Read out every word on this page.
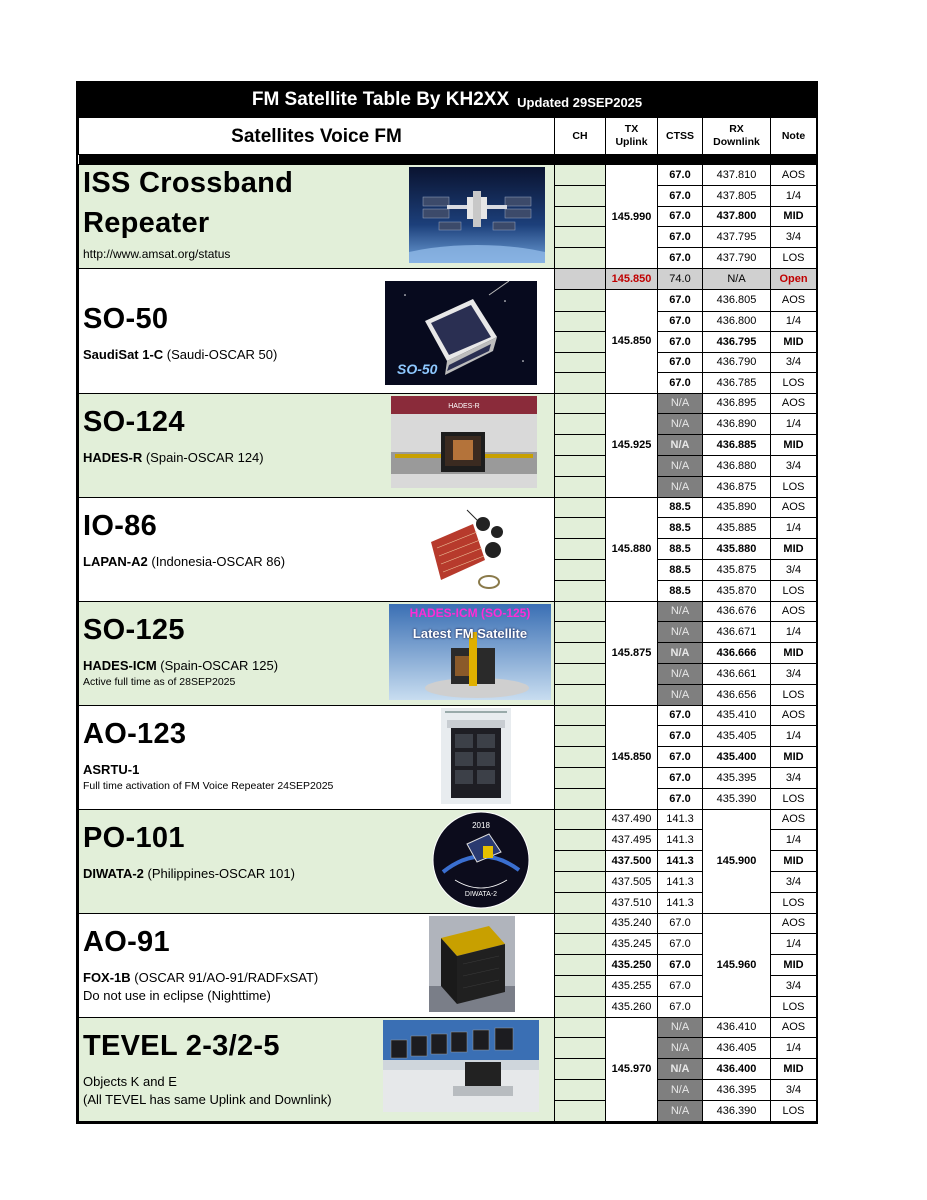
FM Satellite Table By KH2XX Updated 29SEP2025
Satellites Voice FM	CH	TX Uplink	CTSS	RX Downlink	Note

ISS Crossband
Repeater
http://www.amsat.org/status		145.990	67.0	437.810	AOS
			67.0	437.805	1/4
			67.0	437.800	MID
			67.0	437.795	3/4
			67.0	437.790	LOS

SO-50
SaudiSat 1-C (Saudi-OSCAR 50)
SO-50		145.850	74.0	N/A	Open
		145.850	67.0	436.805	AOS
			67.0	436.800	1/4
			67.0	436.795	MID
			67.0	436.790	3/4
			67.0	436.785	LOS

SO-124
HADES-R (Spain-OSCAR 124)
HADES-R		145.925	N/A	436.895	AOS
			N/A	436.890	1/4
			N/A	436.885	MID
			N/A	436.880	3/4
			N/A	436.875	LOS

IO-86
LAPAN-A2 (Indonesia-OSCAR 86)		145.880	88.5	435.890	AOS
			88.5	435.885	1/4
			88.5	435.880	MID
			88.5	435.875	3/4
			88.5	435.870	LOS

SO-125
HADES-ICM (Spain-OSCAR 125)
Active full time as of 28SEP2025
HADES-ICM (SO-125)
Latest FM Satellite		145.875	N/A	436.676	AOS
			N/A	436.671	1/4
			N/A	436.666	MID
			N/A	436.661	3/4
			N/A	436.656	LOS

AO-123
ASRTU-1
Full time activation of FM Voice Repeater 24SEP2025		145.850	67.0	435.410	AOS
			67.0	435.405	1/4
			67.0	435.400	MID
			67.0	435.395	3/4
			67.0	435.390	LOS

PO-101
DIWATA-2 (Philippines-OSCAR 101)
2018
DIWATA-2		437.490	141.3	145.900	AOS
		437.495	141.3		1/4
		437.500	141.3		MID
		437.505	141.3		3/4
		437.510	141.3		LOS

AO-91
FOX-1B (OSCAR 91/AO-91/RADFxSAT)
Do not use in eclipse (Nighttime)		435.240	67.0	145.960	AOS
		435.245	67.0		1/4
		435.250	67.0		MID
		435.255	67.0		3/4
		435.260	67.0		LOS

TEVEL 2-3/2-5
Objects K and E
(All TEVEL has same Uplink and Downlink)		145.970	N/A	436.410	AOS
			N/A	436.405	1/4
			N/A	436.400	MID
			N/A	436.395	3/4
			N/A	436.390	LOS
